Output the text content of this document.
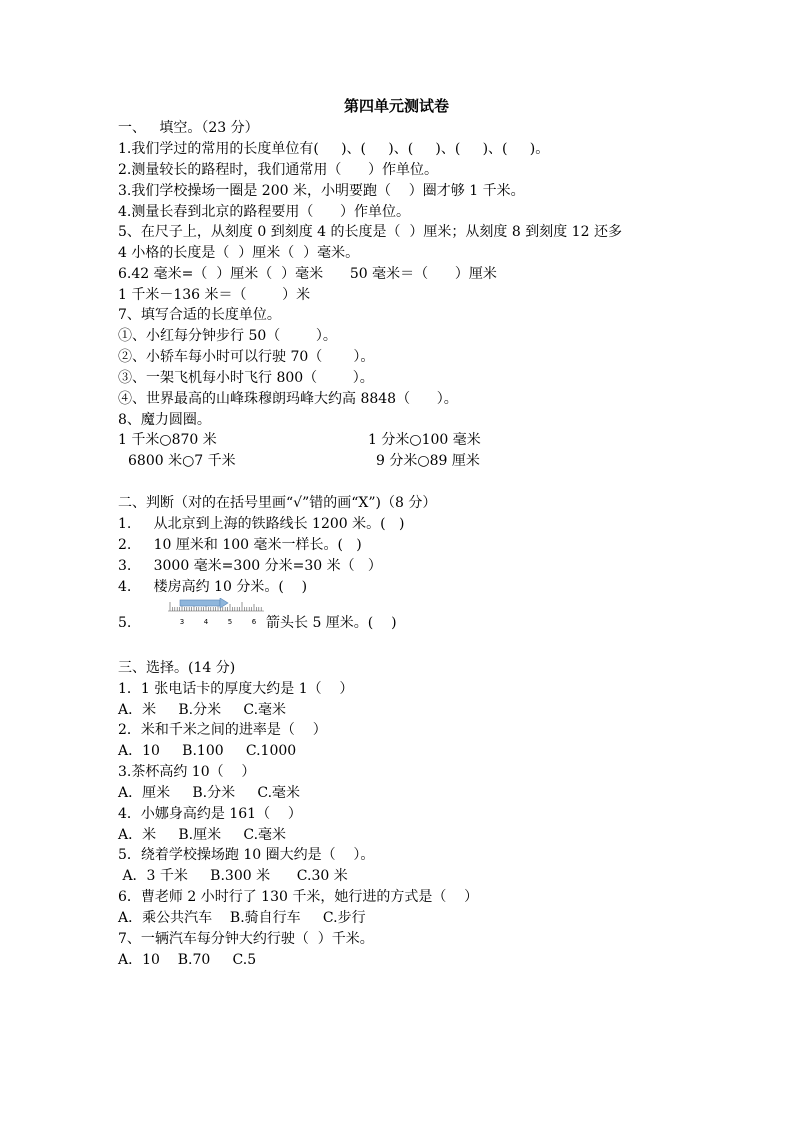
第四单元测试卷
一、   填空。（23 分）
1.我们学过的常用的长度单位有(     )、(     )、(     )、(     )、(     )。
2.测量较长的路程时，我们通常用（      ）作单位。
3.我们学校操场一圈是 200 米，小明要跑（    ）圈才够 1 千米。
4.测量长春到北京的路程要用（      ）作单位。
5、在尺子上，从刻度 0 到刻度 4 的长度是（  ）厘米；从刻度 8 到刻度 12 还多
4 小格的长度是（  ）厘米（  ）毫米。
6.42 毫米=（  ）厘米（  ）毫米      50 毫米＝（      ）厘米
1 千米－136 米＝（        ）米
7、填写合适的长度单位。
①、小红每分钟步行 50（        ）。
②、小轿车每小时可以行驶 70（       ）。
③、一架飞机每小时飞行 800（        ）。
④、世界最高的山峰珠穆朗玛峰大约高 8848（      ）。
8、魔力圆圈。
1 千米○870 米	1 分米○100 毫米
6800 米○7 千米	9 分米○89 厘米
二、判断（对的在括号里画“√”错的画“X”)（8 分）
1.     从北京到上海的铁路线长 1200 米。(   )
2.     10 厘米和 100 毫米一样长。(   )
3.     3000 毫米=300 分米=30 米（   ）
4.     楼房高约 10 分米。(    )
5.	3	4	5	6 箭头长 5 厘米。(    )
三、选择。(14 分)
1．1 张电话卡的厚度大约是 1（    ）
A．米     B.分米     C.毫米
2．米和千米之间的进率是（    ）
A．10     B.100     C.1000
3.茶杯高约 10（    ）
A．厘米     B.分米     C.毫米
4．小娜身高约是 161（    ）
A．米     B.厘米     C.毫米
5．绕着学校操场跑 10 圈大约是（    ）。
A．3 千米     B.300 米      C.30 米
6．曹老师 2 小时行了 130 千米，她行进的方式是（    ）
A．乘公共汽车    B.骑自行车     C.步行
7、一辆汽车每分钟大约行驶（  ）千米。
A．10    B.70     C.5
